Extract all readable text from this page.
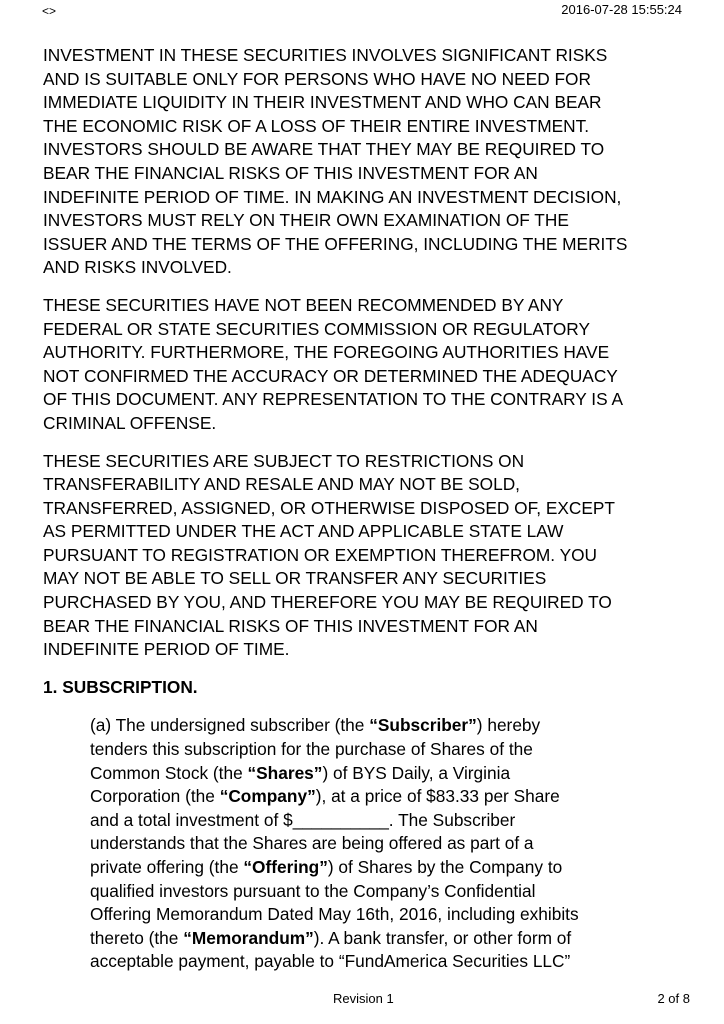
<>	2016-07-28 15:55:24

INVESTMENT IN THESE SECURITIES INVOLVES SIGNIFICANT RISKS
AND IS SUITABLE ONLY FOR PERSONS WHO HAVE NO NEED FOR
IMMEDIATE LIQUIDITY IN THEIR INVESTMENT AND WHO CAN BEAR
THE ECONOMIC RISK OF A LOSS OF THEIR ENTIRE INVESTMENT.
INVESTORS SHOULD BE AWARE THAT THEY MAY BE REQUIRED TO
BEAR THE FINANCIAL RISKS OF THIS INVESTMENT FOR AN
INDEFINITE PERIOD OF TIME. IN MAKING AN INVESTMENT DECISION,
INVESTORS MUST RELY ON THEIR OWN EXAMINATION OF THE
ISSUER AND THE TERMS OF THE OFFERING, INCLUDING THE MERITS
AND RISKS INVOLVED.

THESE SECURITIES HAVE NOT BEEN RECOMMENDED BY ANY
FEDERAL OR STATE SECURITIES COMMISSION OR REGULATORY
AUTHORITY. FURTHERMORE, THE FOREGOING AUTHORITIES HAVE
NOT CONFIRMED THE ACCURACY OR DETERMINED THE ADEQUACY
OF THIS DOCUMENT. ANY REPRESENTATION TO THE CONTRARY IS A
CRIMINAL OFFENSE.

THESE SECURITIES ARE SUBJECT TO RESTRICTIONS ON
TRANSFERABILITY AND RESALE AND MAY NOT BE SOLD,
TRANSFERRED, ASSIGNED, OR OTHERWISE DISPOSED OF, EXCEPT
AS PERMITTED UNDER THE ACT AND APPLICABLE STATE LAW
PURSUANT TO REGISTRATION OR EXEMPTION THEREFROM. YOU
MAY NOT BE ABLE TO SELL OR TRANSFER ANY SECURITIES
PURCHASED BY YOU, AND THEREFORE YOU MAY BE REQUIRED TO
BEAR THE FINANCIAL RISKS OF THIS INVESTMENT FOR AN
INDEFINITE PERIOD OF TIME.

1. SUBSCRIPTION.
(a) The undersigned subscriber (the “Subscriber”) hereby
tenders this subscription for the purchase of Shares of the
Common Stock (the “Shares”) of BYS Daily, a Virginia
Corporation (the “Company”), at a price of $83.33 per Share
and a total investment of $__________. The Subscriber
understands that the Shares are being offered as part of a
private offering (the “Offering”) of Shares by the Company to
qualified investors pursuant to the Company’s Confidential
Offering Memorandum Dated May 16th, 2016, including exhibits
thereto (the “Memorandum”). A bank transfer, or other form of
acceptable payment, payable to “FundAmerica Securities LLC”
Revision 1	2 of 8
